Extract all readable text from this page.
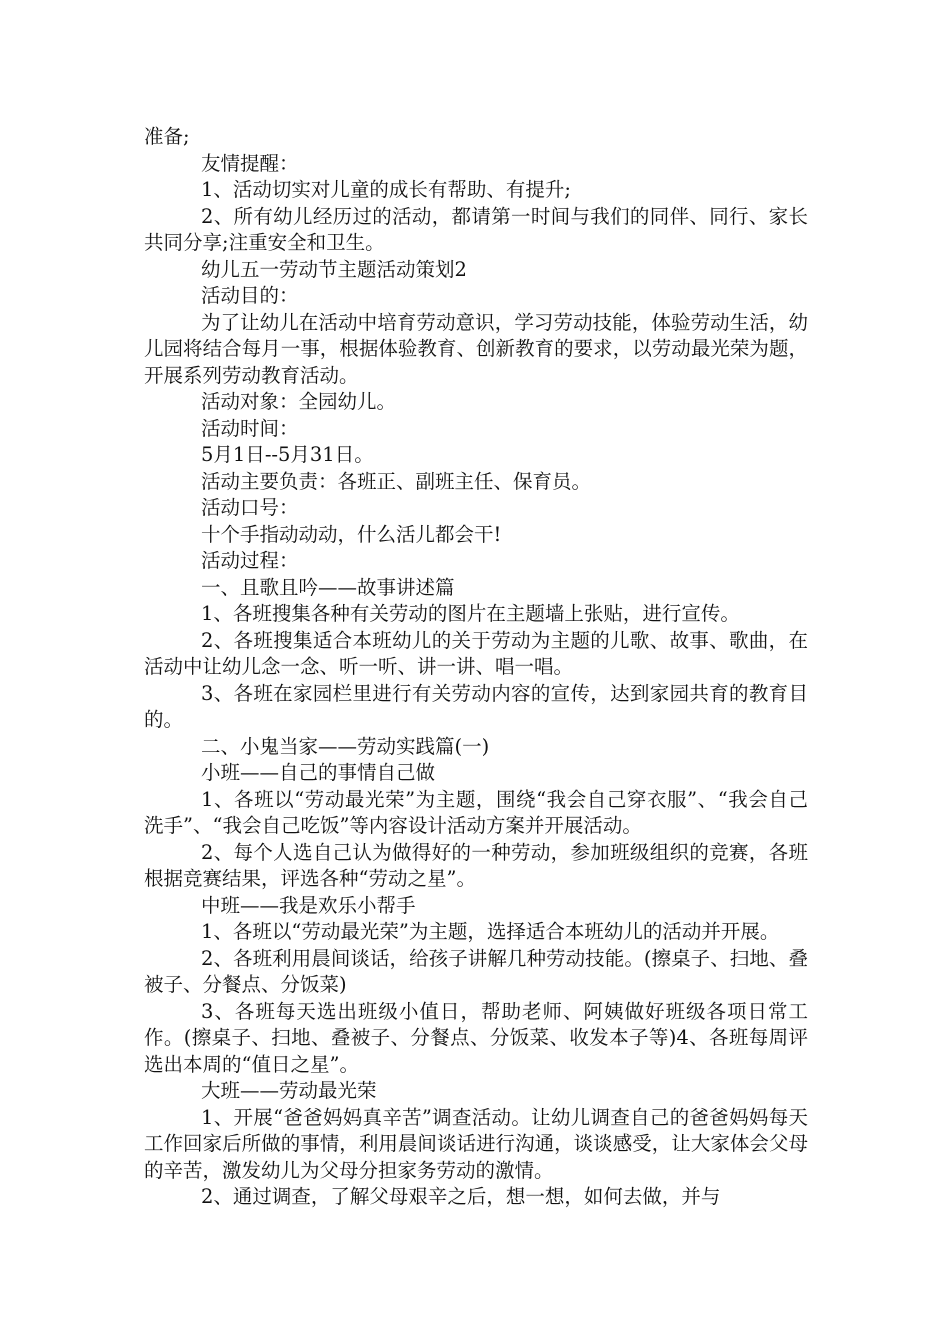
准备;

友情提醒：

1、活动切实对儿童的成长有帮助、有提升;

2、所有幼儿经历过的活动，都请第一时间与我们的同伴、同行、家长共同分享;注重安全和卫生。

幼儿五一劳动节主题活动策划2

活动目的：

为了让幼儿在活动中培育劳动意识，学习劳动技能，体验劳动生活，幼儿园将结合每月一事，根据体验教育、创新教育的要求，以劳动最光荣为题，开展系列劳动教育活动。

活动对象：全园幼儿。

活动时间：

5月1日--5月31日。

活动主要负责：各班正、副班主任、保育员。

活动口号：

十个手指动动动，什么活儿都会干!

活动过程：

一、且歌且吟——故事讲述篇

1、各班搜集各种有关劳动的图片在主题墙上张贴，进行宣传。

2、各班搜集适合本班幼儿的关于劳动为主题的儿歌、故事、歌曲，在活动中让幼儿念一念、听一听、讲一讲、唱一唱。

3、各班在家园栏里进行有关劳动内容的宣传，达到家园共育的教育目的。

二、小鬼当家——劳动实践篇(一)

小班——自己的事情自己做

1、各班以“劳动最光荣”为主题，围绕“我会自己穿衣服”、“我会自己洗手”、“我会自己吃饭”等内容设计活动方案并开展活动。

2、每个人选自己认为做得好的一种劳动，参加班级组织的竞赛，各班根据竞赛结果，评选各种“劳动之星”。

中班——我是欢乐小帮手

1、各班以“劳动最光荣”为主题，选择适合本班幼儿的活动并开展。

2、各班利用晨间谈话，给孩子讲解几种劳动技能。(擦桌子、扫地、叠被子、分餐点、分饭菜)

3、各班每天选出班级小值日，帮助老师、阿姨做好班级各项日常工作。(擦桌子、扫地、叠被子、分餐点、分饭菜、收发本子等)4、各班每周评选出本周的“值日之星”。

大班——劳动最光荣

1、开展“爸爸妈妈真辛苦”调查活动。让幼儿调查自己的爸爸妈妈每天工作回家后所做的事情，利用晨间谈话进行沟通，谈谈感受，让大家体会父母的辛苦，激发幼儿为父母分担家务劳动的激情。

2、通过调查，了解父母艰辛之后，想一想，如何去做，并与
